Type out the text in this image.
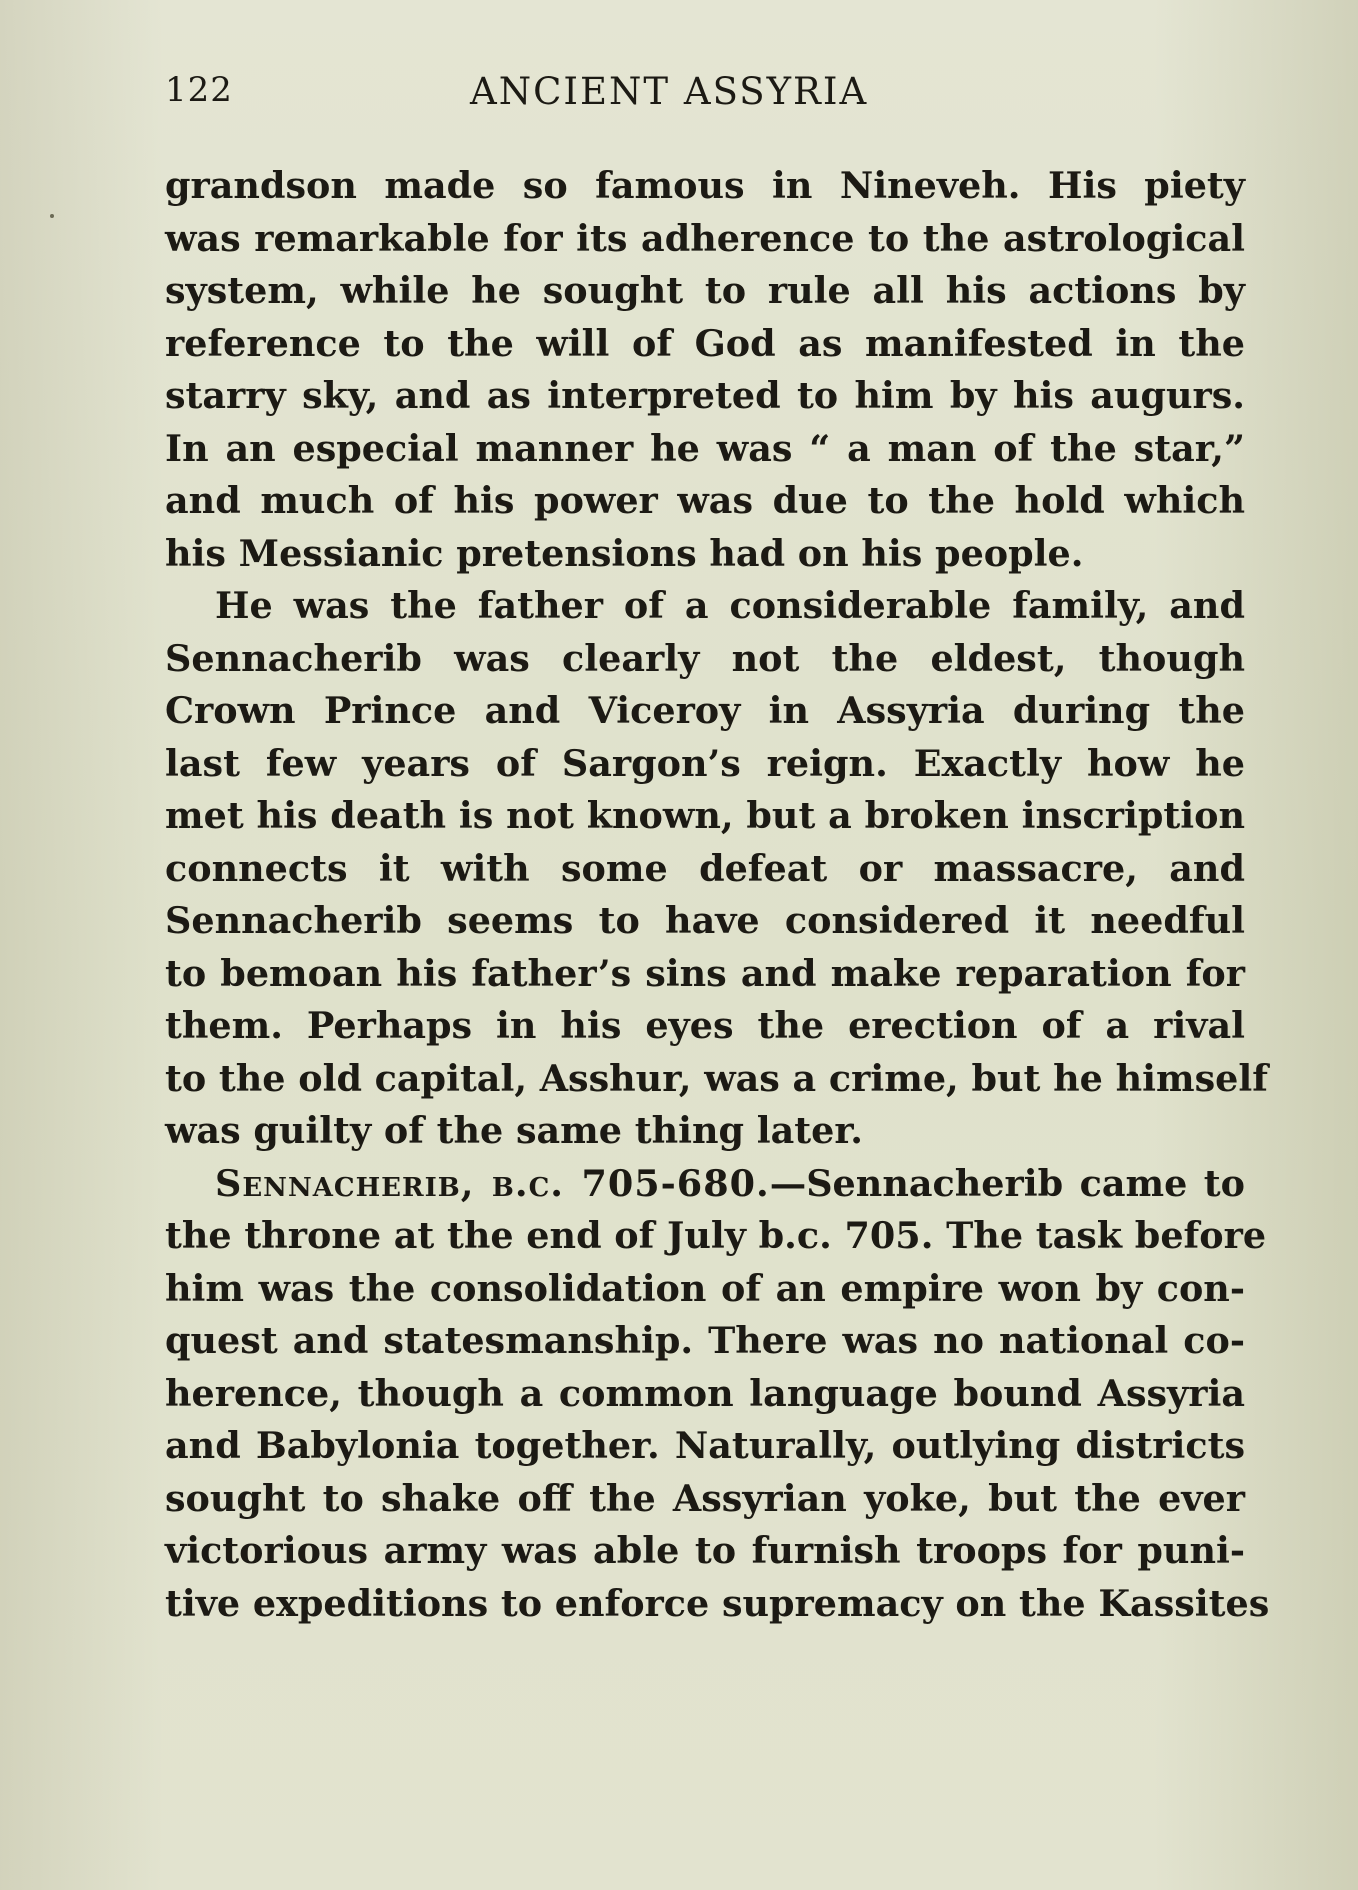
122	ANCIENT ASSYRIA

grandson made so famous in Nineveh. His piety
was remarkable for its adherence to the astrological
system, while he sought to rule all his actions by
reference to the will of God as manifested in the
starry sky, and as interpreted to him by his augurs.
In an especial manner he was “ a man of the star,”
and much of his power was due to the hold which
his Messianic pretensions had on his people.

He was the father of a considerable family, and
Sennacherib was clearly not the eldest, though
Crown Prince and Viceroy in Assyria during the
last few years of Sargon’s reign. Exactly how he
met his death is not known, but a broken inscription
connects it with some defeat or massacre, and
Sennacherib seems to have considered it needful
to bemoan his father’s sins and make reparation for
them. Perhaps in his eyes the erection of a rival
to the old capital, Asshur, was a crime, but he himself
was guilty of the same thing later.

Sennacherib, b.c. 705-680.—Sennacherib came to
the throne at the end of July b.c. 705. The task before
him was the consolidation of an empire won by con-
quest and statesmanship. There was no national co-
herence, though a common language bound Assyria
and Babylonia together. Naturally, outlying districts
sought to shake off the Assyrian yoke, but the ever
victorious army was able to furnish troops for puni-
tive expeditions to enforce supremacy on the Kassites
